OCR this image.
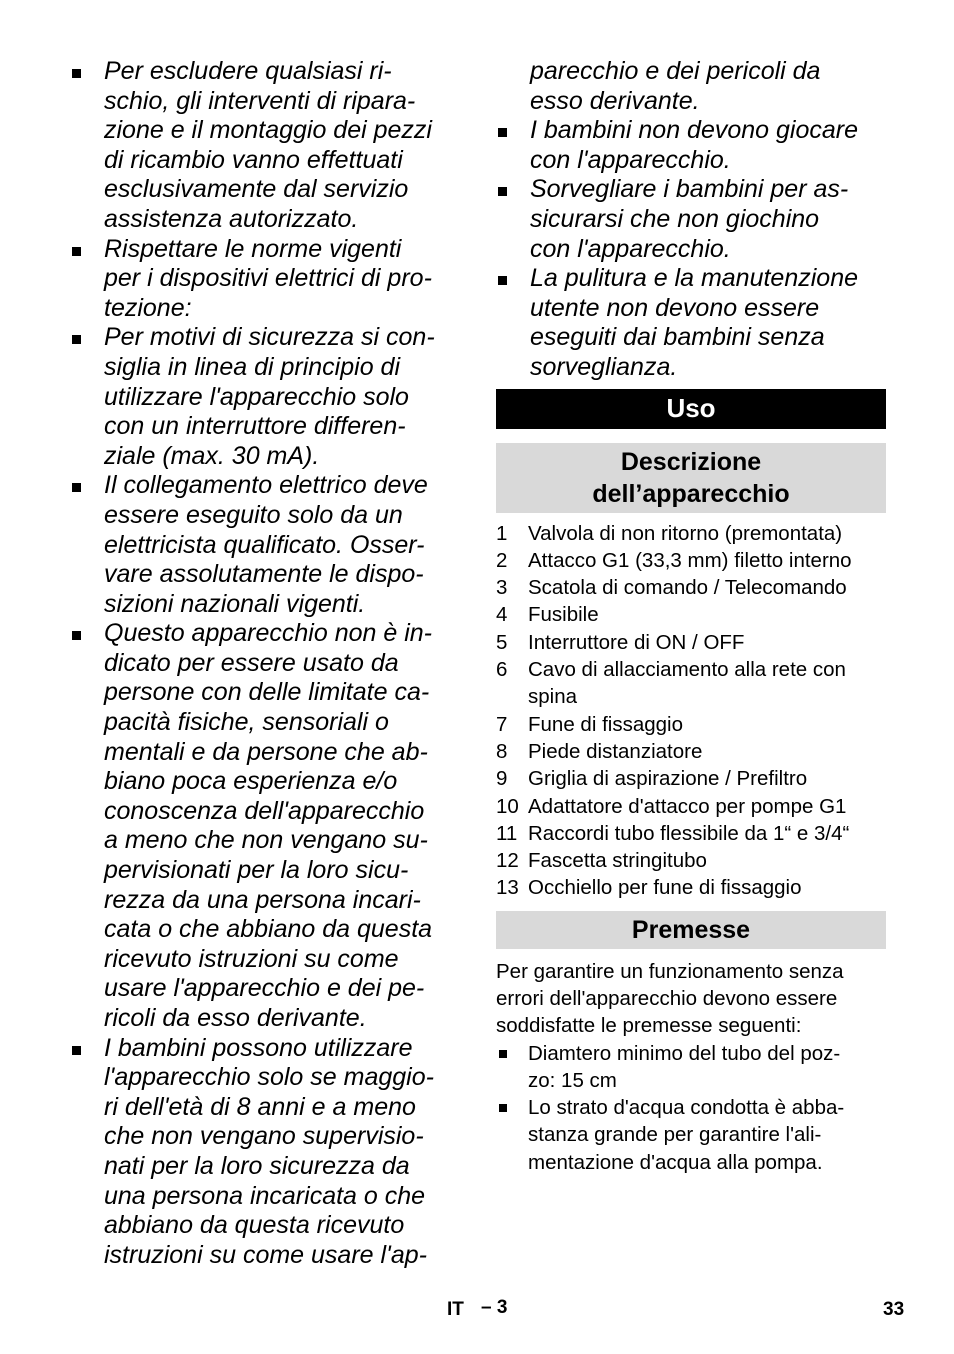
Per escludere qualsiasi ri-
schio, gli interventi di ripara-
zione e il montaggio dei pezzi
di ricambio vanno effettuati
esclusivamente dal servizio
assistenza autorizzato.
Rispettare le norme vigenti
per i dispositivi elettrici di pro-
tezione:
Per motivi di sicurezza si con-
siglia in linea di principio di
utilizzare l'apparecchio solo
con un interruttore differen-
ziale (max. 30 mA).
Il collegamento elettrico deve
essere eseguito solo da un
elettricista qualificato. Osser-
vare assolutamente le dispo-
sizioni nazionali vigenti.
Questo apparecchio non è in-
dicato per essere usato da
persone con delle limitate ca-
pacità fisiche, sensoriali o
mentali e da persone che ab-
biano poca esperienza e/o
conoscenza dell'apparecchio
a meno che non vengano su-
pervisionati per la loro sicu-
rezza da una persona incari-
cata o che abbiano da questa
ricevuto istruzioni su come
usare l'apparecchio e dei pe-
ricoli da esso derivante.
I bambini possono utilizzare
l'apparecchio solo se maggio-
ri dell'età di 8 anni e a meno
che non vengano supervisio-
nati per la loro sicurezza da
una persona incaricata o che
abbiano da questa ricevuto
istruzioni su come usare l'ap-
parecchio e dei pericoli da
esso derivante.
I bambini non devono giocare
con l'apparecchio.
Sorvegliare i bambini per as-
sicurarsi che non giochino
con l'apparecchio.
La pulitura e la manutenzione
utente non devono essere
eseguiti dai bambini senza
sorveglianza.
Uso
Descrizione
dell’apparecchio
1 Valvola di non ritorno (premontata)
2 Attacco G1 (33,3 mm) filetto interno
3 Scatola di comando / Telecomando
4 Fusibile
5 Interruttore di ON / OFF
6 Cavo di allacciamento alla rete con
spina
7 Fune di fissaggio
8 Piede distanziatore
9 Griglia di aspirazione / Prefiltro
10 Adattatore d'attacco per pompe G1
11 Raccordi tubo flessibile da 1“ e 3/4“
12 Fascetta stringitubo
13 Occhiello per fune di fissaggio
Premesse
Per garantire un funzionamento senza
errori dell'apparecchio devono essere
soddisfatte le premesse seguenti:
Diamtero minimo del tubo del poz-
zo: 15 cm
Lo strato d'acqua condotta è abba-
stanza grande per garantire l'ali-
mentazione d'acqua alla pompa.
IT – 3	33
